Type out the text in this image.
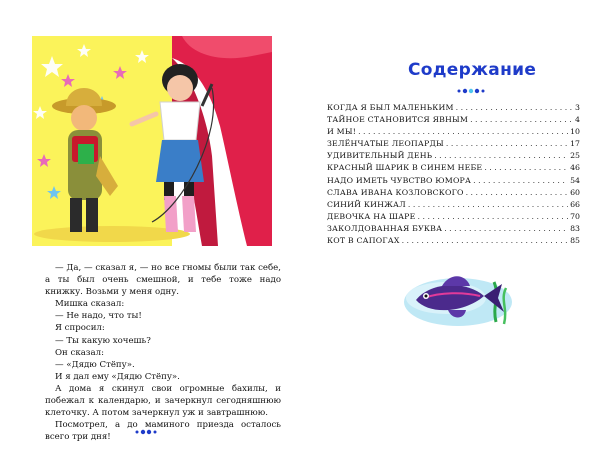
— Да, — сказал я, — но все гномы были так себе, а ты был очень смешной, и тебе тоже надо книжку. Возьми у меня одну.

Мишка сказал:

— Не надо, что ты!

Я спросил:

— Ты какую хочешь?

Он сказал:

— «Дядю Стёпу».

И я дал ему «Дядю Стёпу».

А дома я скинул свои огромные бахилы, и побежал к календарю, и зачеркнул сегодняшнюю клеточку. А потом зачеркнул уж и завтрашнюю.

Посмотрел, а до маминого приезда осталось всего три дня!

Содержание
КОГДА Я БЫЛ МАЛЕНЬКИМ . . .	3
ТАЙНОЕ СТАНОВИТСЯ ЯВНЫМ . . .	4
И МЫ! . . .	10
ЗЕЛЁНЧАТЫЕ ЛЕОПАРДЫ . . .	17
УДИВИТЕЛЬНЫЙ ДЕНЬ . . .	25
КРАСНЫЙ ШАРИК В СИНЕМ НЕБЕ . . .	46
НАДО ИМЕТЬ ЧУВСТВО ЮМОРА . . .	54
СЛАВА ИВАНА КОЗЛОВСКОГО . . .	60
СИНИЙ КИНЖАЛ . . .	66
ДЕВОЧКА НА ШАРЕ . . .	70
ЗАКОЛДОВАННАЯ БУКВА . . .	83
КОТ В САПОГАХ . . .	85
